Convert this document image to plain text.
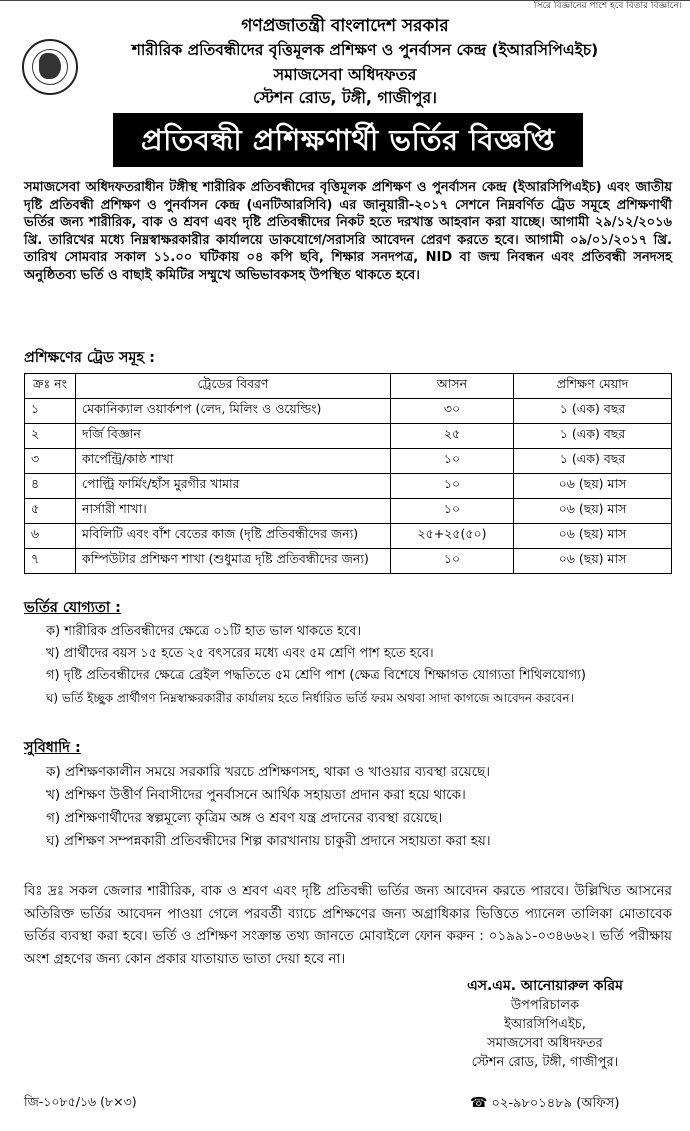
সিরে বিজ্ঞানের পাশে হবে বিতার বিজ্ঞানে।
গণপ্রজাতন্ত্রী বাংলাদেশ সরকার
শারীরিক প্রতিবন্ধীদের বৃত্তিমূলক প্রশিক্ষণ ও পুনর্বাসন কেন্দ্র (ইআরসিপিএইচ)
সমাজসেবা অধিদফতর
স্টেশন রোড, টঙ্গী, গাজীপুর।
প্রতিবন্ধী প্রশিক্ষণার্থী ভর্তির বিজ্ঞপ্তি
সমাজসেবা অধিদফতরাধীন টঙ্গীস্থ শারীরিক প্রতিবন্ধীদের বৃত্তিমূলক প্রশিক্ষণ ও পুনর্বাসন কেন্দ্র (ইআরসিপিএইচ) এবং জাতীয় দৃষ্টি প্রতিবন্ধী প্রশিক্ষণ ও পুনর্বাসন কেন্দ্র (এনটিআরসিবি) এর জানুয়ারী-২০১৭ সেশনে নিম্নবর্ণিত ট্রেড সমূহে প্রশিক্ষণার্থী ভর্তির জন্য শারীরিক, বাক ও শ্রবণ এবং দৃষ্টি প্রতিবন্ধীদের নিকট হতে দরখাস্ত আহবান করা যাচ্ছে। আগামী ২৯/১২/২০১৬ খ্রি. তারিখের মধ্যে নিম্নস্বাক্ষরকারীর কার্যালয়ে ডাকযোগে/সরাসরি আবেদন প্রেরণ করতে হবে। আগামী ০৯/০১/২০১৭ খ্রি. তারিখ সোমবার সকাল ১১.০০ ঘটিকায় ০৪ কপি ছবি, শিক্ষার সনদপত্র, NID বা জন্ম নিবন্ধন এবং প্রতিবন্ধী সনদসহ অনুষ্ঠিতব্য ভর্তি ও বাছাই কমিটির সম্মুখে অভিভাবকসহ উপস্থিত থাকতে হবে।
প্রশিক্ষণের ট্রেড সমূহ :
ক্রঃ নং	ট্রেডের বিবরণ	আসন	প্রশিক্ষণ মেয়াদ
১	মেকানিক্যাল ওয়ার্কশপ (লেদ, মিলিং ও ওয়েল্ডিং)	৩০	১ (এক) বছর
২	দর্জি বিজ্ঞান	২৫	১ (এক) বছর
৩	কার্পেন্ট্রি/কাষ্ঠ শাখা	১০	১ (এক) বছর
৪	পোল্ট্রি ফার্মিং/হাঁস মুরগীর খামার	১০	০৬ (ছয়) মাস
৫	নার্সারী শাখা।	১০	০৬ (ছয়) মাস
৬	মবিলিটি এবং বাঁশ বেতের কাজ (দৃষ্টি প্রতিবন্ধীদের জন্য)	২৫+২৫(৫০)	০৬ (ছয়) মাস
৭	কম্পিউটার প্রশিক্ষণ শাখা (শুধুমাত্র দৃষ্টি প্রতিবন্ধীদের জন্য)	১০	০৬ (ছয়) মাস
ভর্তির যোগ্যতা :
ক) শারীরিক প্রতিবন্ধীদের ক্ষেত্রে ০১টি হাত ভাল থাকতে হবে।
খ) প্রার্থীদের বয়স ১৫ হতে ২৫ বৎসরের মধ্যে এবং ৫ম শ্রেণি পাশ হতে হবে।
গ) দৃষ্টি প্রতিবন্ধীদের ক্ষেত্রে ব্রেইল পদ্ধতিতে ৫ম শ্রেণি পাশ (ক্ষেত্র বিশেষে শিক্ষাগত যোগ্যতা শিথিলযোগ্য)
ঘ) ভর্তি ইচ্ছুক প্রার্থীগণ নিম্নস্বাক্ষরকারীর কার্যালয় হতে নির্ধারিত ভর্তি ফরম অথবা সাদা কাগজে আবেদন করবেন।
সুবিধাদি :
ক) প্রশিক্ষণকালীন সময়ে সরকারি খরচে প্রশিক্ষণসহ, থাকা ও খাওয়ার ব্যবস্থা রয়েছে।
খ) প্রশিক্ষণ উত্তীর্ণ নিবাসীদের পুনর্বাসনে আর্থিক সহায়তা প্রদান করা হয়ে থাকে।
গ) প্রশিক্ষণার্থীদের স্বল্পমূল্যে কৃত্রিম অঙ্গ ও শ্রবণ যন্ত্র প্রদানের ব্যবস্থা রয়েছে।
ঘ) প্রশিক্ষণ সম্পন্নকারী প্রতিবন্ধীদের শিল্প কারখানায় চাকুরী প্রদানে সহায়তা করা হয়।
বিঃ দ্রঃ সকল জেলার শারীরিক, বাক ও শ্রবণ এবং দৃষ্টি প্রতিবন্ধী ভর্তির জন্য আবেদন করতে পারবে। উল্লিখিত আসনের অতিরিক্ত ভর্তির আবেদন পাওয়া গেলে পরবর্তী ব্যাচে প্রশিক্ষণের জন্য অগ্রাধিকার ভিত্তিতে প্যানেল তালিকা মোতাবেক ভর্তির ব্যবস্থা করা হবে। ভর্তি ও প্রশিক্ষণ সংক্রান্ত তথ্য জানতে মোবাইলে ফোন করুন : ০১৯৯১-০৩৪৬৬২। ভর্তি পরীক্ষায় অংশ গ্রহণের জন্য কোন প্রকার যাতায়াত ভাতা দেয়া হবে না।
এস.এম. আনোয়ারুল করিম
উপপরিচালক
ইআরসিপিএইচ,
সমাজসেবা অধিদফতর
স্টেশন রোড, টঙ্গী, গাজীপুর।
জি-১০৮৫/১৬ (৮×৩)	☎ ০২-৯৮০১৪৮৯ (অফিস)
